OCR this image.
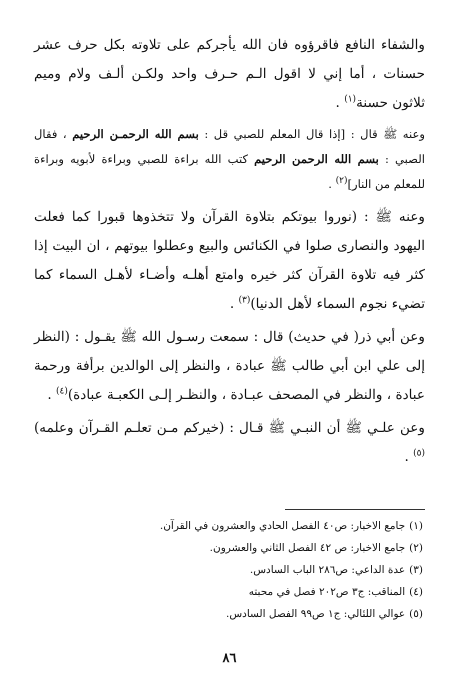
والشفاء النافع فاقرؤوه فان الله يأجركم على تلاوته بكل حرف عشر حسنات ، أما إني لا اقول الـم حـرف واحد ولكـن ألـف ولام وميم ثلاثون حسنة$^{(١)}$ .

وعنه ﷺ قال : [إذا قال المعلم للصبي قل : بسم الله الرحمـن الرحيم ، فقال الصبي : بسم الله الرحمن الرحيم كتب الله براءة للصبي وبراءة لأبويه وبراءة للمعلم من النار]$^{(٢)}$ .

وعنه ﷺ : (نوروا بيوتكم بتلاوة القرآن ولا تتخذوها قبورا كما فعلت اليهود والنصارى صلوا في الكنائس والبيع وعطلوا بيوتهم ، ان البيت إذا كثر فيه تلاوة القرآن كثر خيره وامتع أهلـه وأضـاء لأهـل السماء كما تضيء نجوم السماء لأهل الدنيا)$^{(٣)}$ .

وعن أبي ذر( في حديث) قال : سمعت رسـول الله ﷺ يقـول : (النظر إلى علي ابن أبي طالب ﷺ عبادة ، والنظر إلى الوالدين برأفة ورحمة عبادة ، والنظر في المصحف عبـادة ، والنظـر إلـى الكعبـة عبادة)$^{(٤)}$ .

وعن علـي ﷺ أن النبـي ﷺ قـال : (خيركم مـن تعلـم القـرآن وعلمه)$^{(٥)}$ .

(١)جامع الاخبار: ص٤٠ الفصل الحادي والعشرون في القرآن.
(٢)جامع الاخبار: ص ٤٢ الفصل الثاني والعشرون.
(٣)عدة الداعي: ص٢٨٦ الباب السادس.
(٤)المناقب: ج٣ ص٢٠٢ فصل في محبته
(٥)عوالي اللئالي: ج١ ص٩٩ الفصل السادس.
٨٦
